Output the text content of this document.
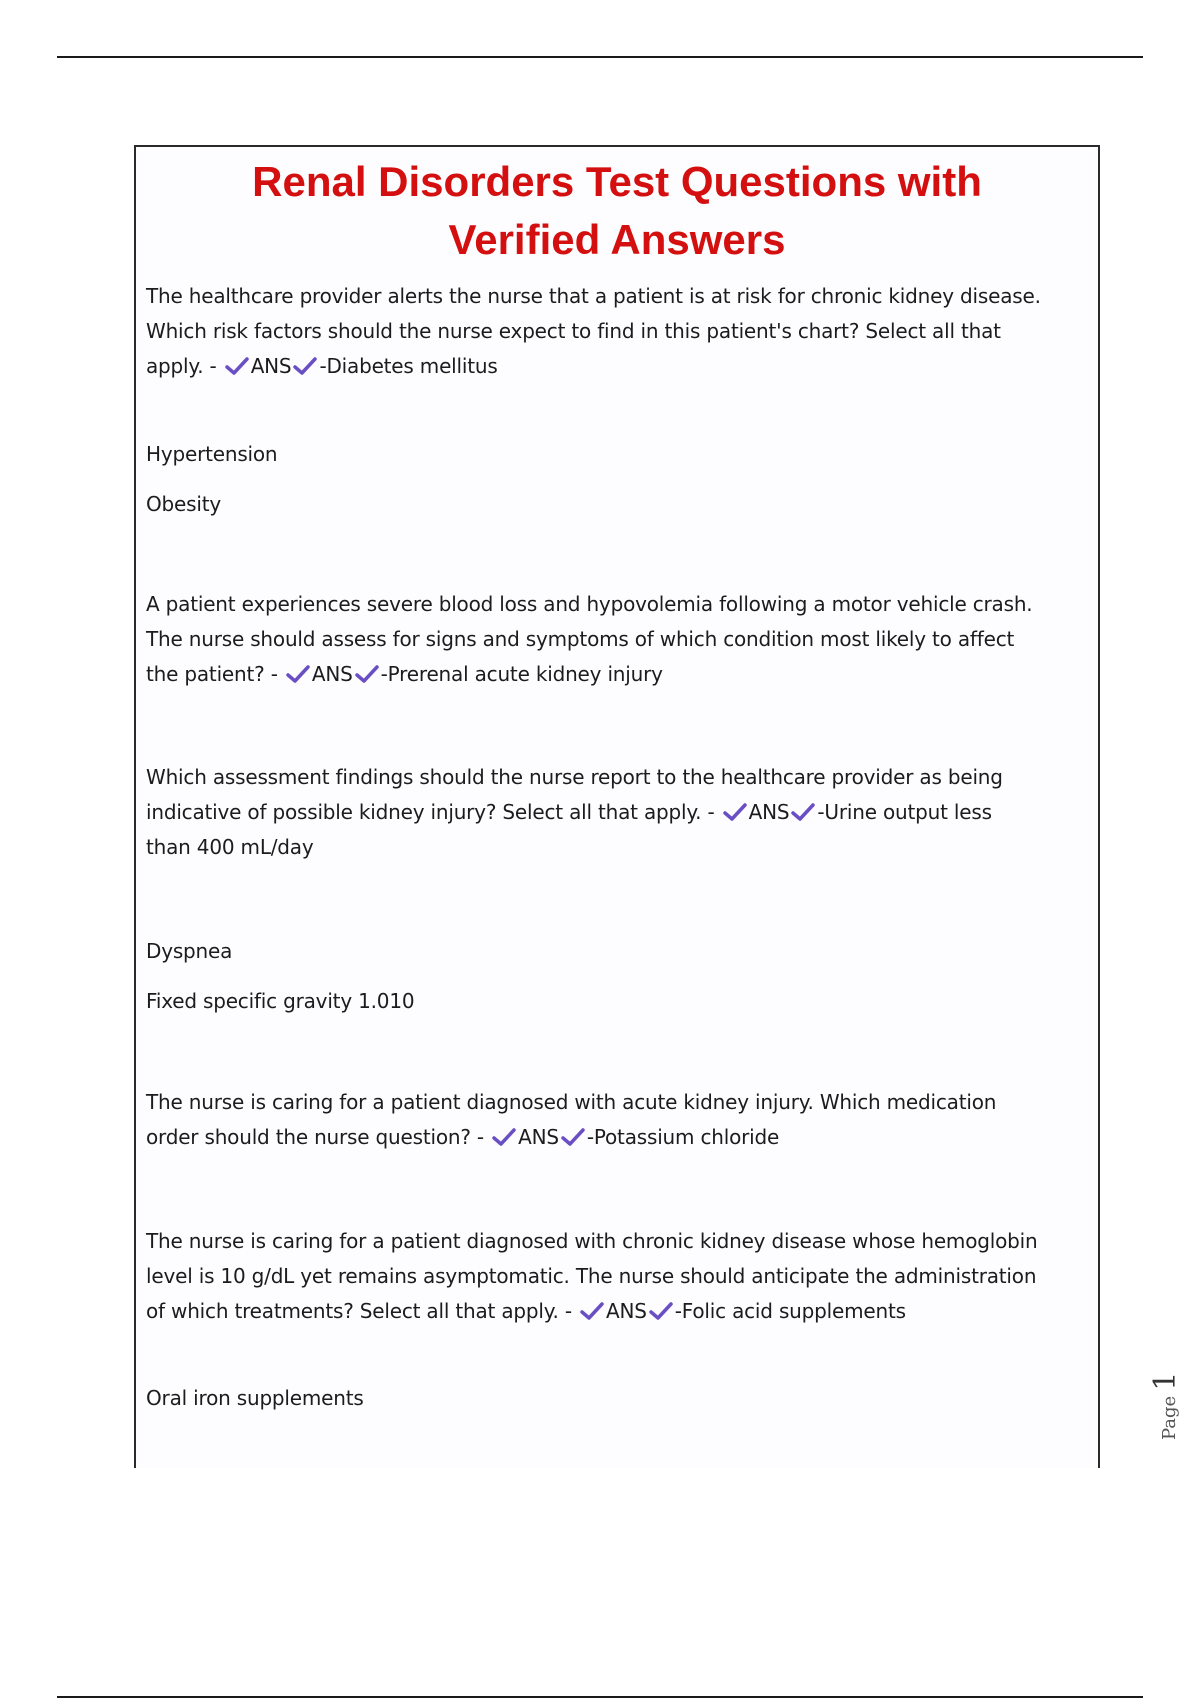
Renal Disorders Test Questions with
Verified Answers

The healthcare provider alerts the nurse that a patient is at risk for chronic kidney disease.
Which risk factors should the nurse expect to find in this patient's chart? Select all that
apply. -
ANS -Diabetes mellitus

Hypertension

Obesity

A patient experiences severe blood loss and hypovolemia following a motor vehicle crash.
The nurse should assess for signs and symptoms of which condition most likely to affect
the patient? -
ANS -Prerenal acute kidney injury

Which assessment findings should the nurse report to the healthcare provider as being
indicative of possible kidney injury? Select all that apply. -
ANS -Urine output less
than 400 mL/day

Dyspnea

Fixed specific gravity 1.010

The nurse is caring for a patient diagnosed with acute kidney injury. Which medication
order should the nurse question? -
ANS -Potassium chloride

The nurse is caring for a patient diagnosed with chronic kidney disease whose hemoglobin
level is 10 g/dL yet remains asymptomatic. The nurse should anticipate the administration
of which treatments? Select all that apply. -
ANS -Folic acid supplements

Oral iron supplements	Page 1
